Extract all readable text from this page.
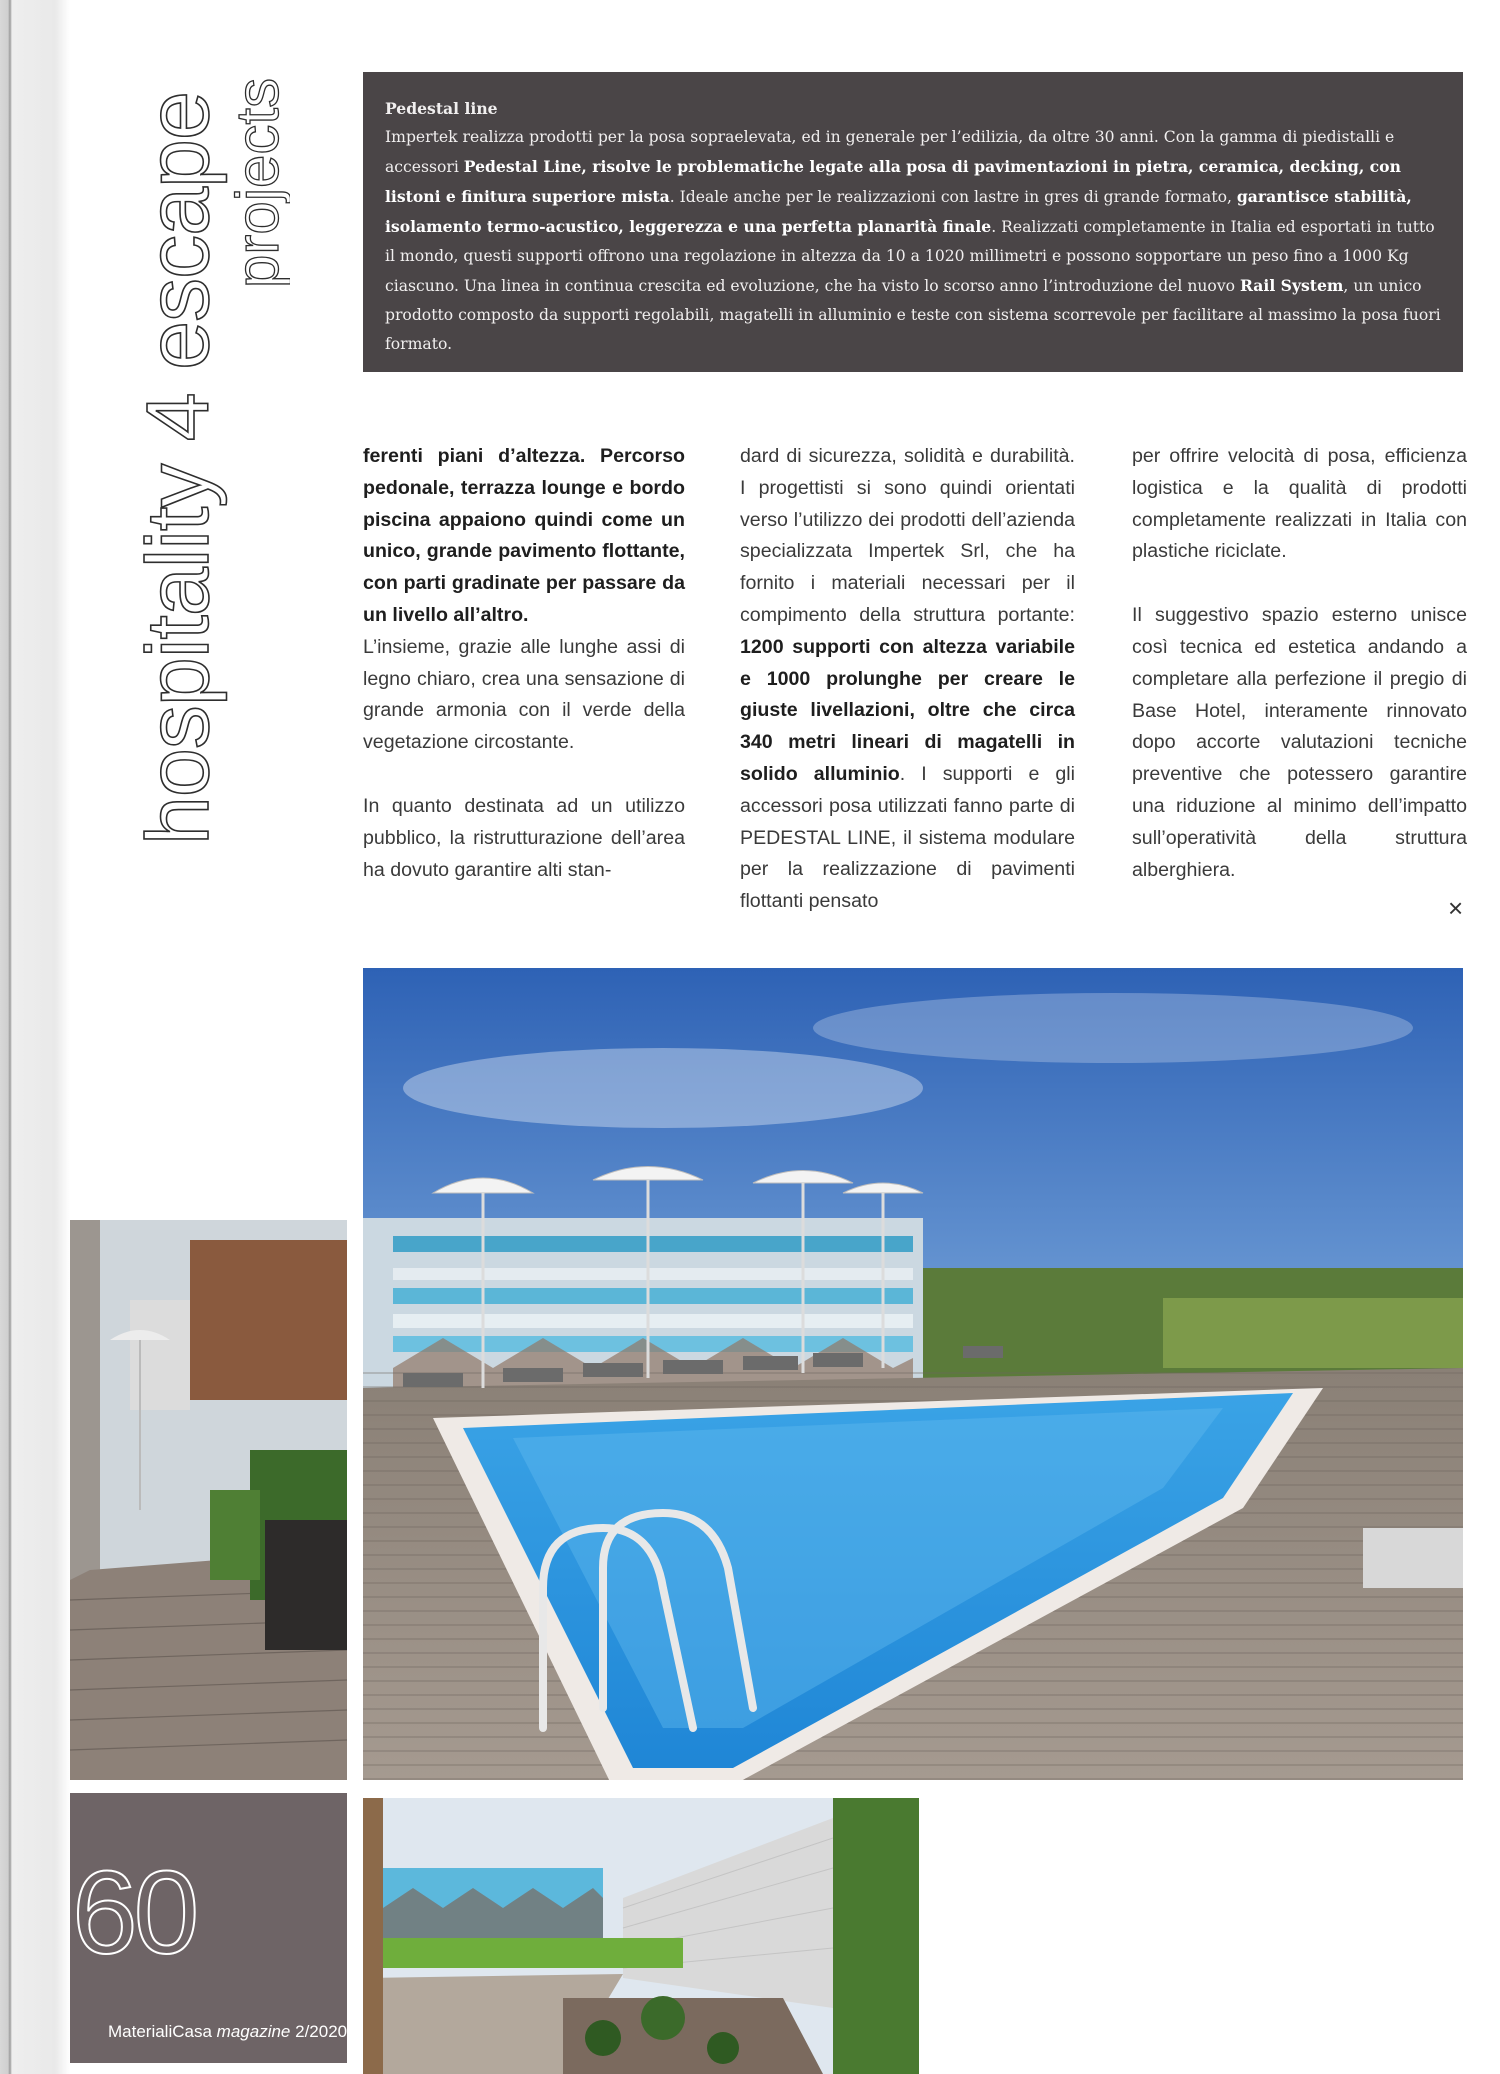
hospitality 4 escape
projects	Pedestal line
Impertek realizza prodotti per la posa sopraelevata, ed in generale per l’edilizia, da oltre 30 anni. Con la gamma di piedistalli e accessori Pedestal Line, risolve le problematiche legate alla posa di pavimentazioni in pietra, ceramica, decking, con listoni e finitura superiore mista. Ideale anche per le realizzazioni con lastre in gres di grande formato, garantisce stabilità, isolamento termo-acustico, leggerezza e una perfetta planarità finale. Realizzati completamente in Italia ed esportati in tutto il mondo, questi supporti offrono una regolazione in altezza da 10 a 1020 millimetri e possono sopportare un peso fino a 1000 Kg ciascuno. Una linea in continua crescita ed evoluzione, che ha visto lo scorso anno l’introduzione del nuovo Rail System, un unico prodotto composto da supporti regolabili, magatelli in alluminio e teste con sistema scorrevole per facilitare al massimo la posa fuori formato.

ferenti piani d’altezza. Percorso pedonale, terrazza lounge e bordo piscina appaiono quindi come un unico, grande pavimento flottante, con parti gradinate per passare da un livello all’altro.

L’insieme, grazie alle lunghe assi di legno chiaro, crea una sensazione di grande armonia con il verde della vegetazione circostante.

In quanto destinata ad un utilizzo pubblico, la ristrutturazione dell’area ha dovuto garantire alti stan-

dard di sicurezza, solidità e durabilità. I progettisti si sono quindi orientati verso l’utilizzo dei prodotti dell’azienda specializzata Impertek Srl, che ha fornito i materiali necessari per il compimento della struttura portante: 1200 supporti con altezza variabile e 1000 prolunghe per creare le giuste livellazioni, oltre che circa 340 metri lineari di magatelli in solido alluminio. I supporti e gli accessori posa utilizzati fanno parte di PEDESTAL LINE, il sistema modulare per la realizzazione di pavimenti flottanti pensato

per offrire velocità di posa, efficienza logistica e la qualità di prodotti completamente realizzati in Italia con plastiche riciclate.

Il suggestivo spazio esterno unisce così tecnica ed estetica andando a completare alla perfezione il pregio di Base Hotel, interamente rinnovato dopo accorte valutazioni tecniche preventive che potessero garantire una riduzione al minimo dell’impatto sull’operatività della struttura alberghiera.

×
60
MaterialiCasa magazine 2/2020
